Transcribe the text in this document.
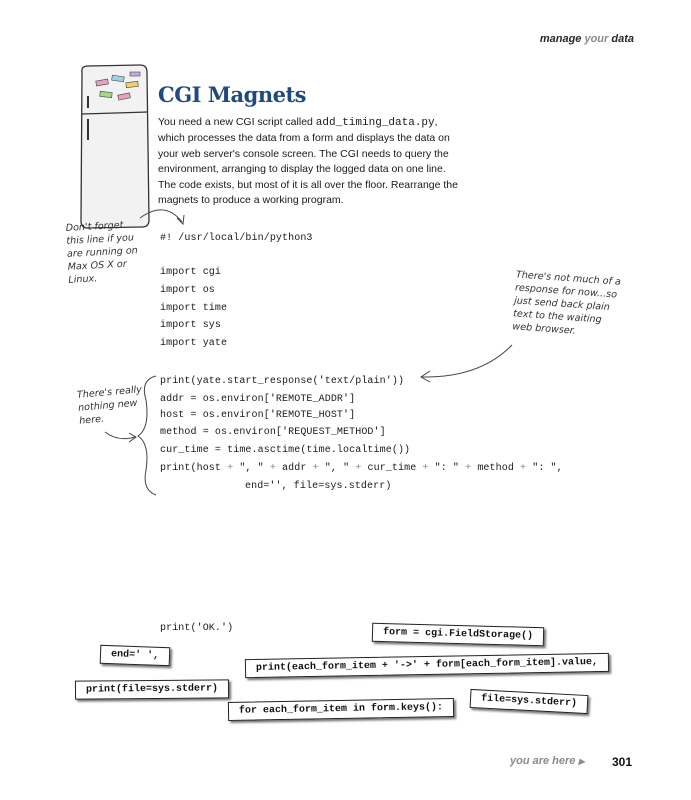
manage your data
CGI Magnets
You need a new CGI script called add_timing_data.py, which processes the data from a form and displays the data on your web server's console screen. The CGI needs to query the environment, arranging to display the logged data on one line. The code exists, but most of it is all over the floor. Rearrange the magnets to produce a working program.
Don't forget
this line if you
are running on
Max OS X or
Linux.	There's not much of a
response for now...so
just send back plain
text to the waiting
web browser.
There's really
nothing new
here.
#! /usr/local/bin/python3
import cgi
import os
import time
import sys
import yate
print(yate.start_response('text/plain'))
addr = os.environ['REMOTE_ADDR']
host = os.environ['REMOTE_HOST']
method = os.environ['REQUEST_METHOD']
cur_time = time.asctime(time.localtime())
print(host + ", " + addr + ", " + cur_time + ": " + method + ": ",
end='', file=sys.stderr)
print('OK.')	form = cgi.FieldStorage()
end=' ',
print(each_form_item + '->' + form[each_form_item].value,
print(file=sys.stderr)
file=sys.stderr)
for each_form_item in form.keys():
you are here ▶ 301
